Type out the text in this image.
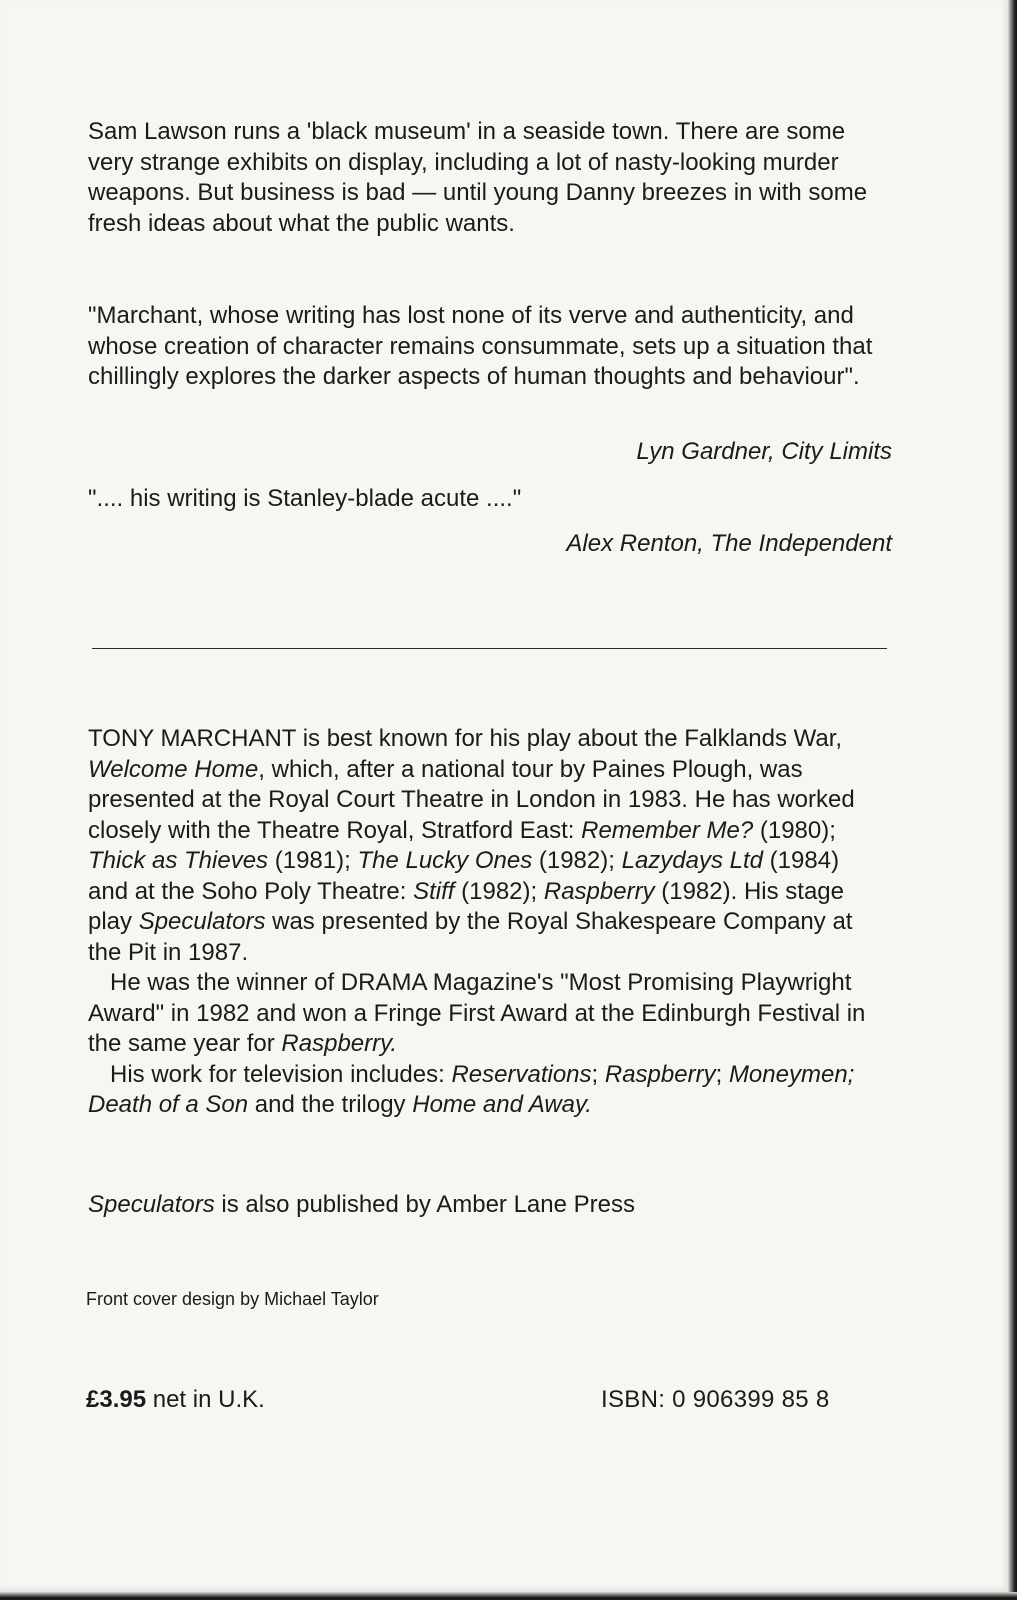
Sam Lawson runs a 'black museum' in a seaside town. There are some very strange exhibits on display, including a lot of nasty-looking murder weapons. But business is bad — until young Danny breezes in with some fresh ideas about what the public wants.

"Marchant, whose writing has lost none of its verve and authenticity, and whose creation of character remains consummate, sets up a situation that chillingly explores the darker aspects of human thoughts and behaviour".

Lyn Gardner, City Limits

".... his writing is Stanley-blade acute ...."

Alex Renton, The Independent

TONY MARCHANT is best known for his play about the Falklands War, Welcome Home, which, after a national tour by Paines Plough, was presented at the Royal Court Theatre in London in 1983. He has worked closely with the Theatre Royal, Stratford East: Remember Me? (1980); Thick as Thieves (1981); The Lucky Ones (1982); Lazydays Ltd (1984) and at the Soho Poly Theatre: Stiff (1982); Raspberry (1982). His stage play Speculators was presented by the Royal Shakespeare Company at the Pit in 1987.

He was the winner of DRAMA Magazine's "Most Promising Playwright Award" in 1982 and won a Fringe First Award at the Edinburgh Festival in the same year for Raspberry.

His work for television includes: Reservations; Raspberry; Moneymen; Death of a Son and the trilogy Home and Away.

Speculators is also published by Amber Lane Press

Front cover design by Michael Taylor

£3.95 net in U.K.	ISBN: 0 906399 85 8
